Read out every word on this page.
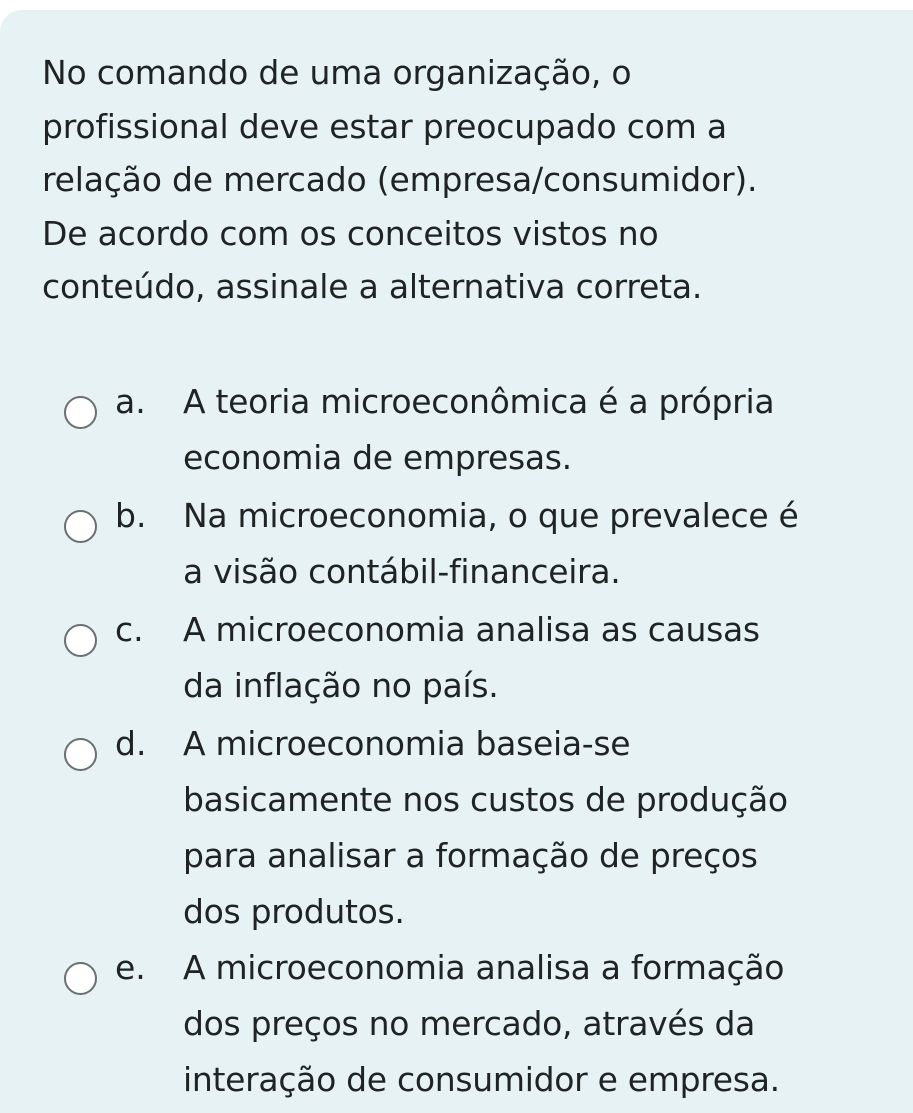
No comando de uma organização, o
profissional deve estar preocupado com a
relação de mercado (empresa/consumidor).
De acordo com os conceitos vistos no
conteúdo, assinale a alternativa correta.

a. A teoria microeconômica é a própria
economia de empresas.
b. Na microeconomia, o que prevalece é
a visão contábil-financeira.
c. A microeconomia analisa as causas
da inflação no país.
d. A microeconomia baseia-se
basicamente nos custos de produção
para analisar a formação de preços
dos produtos.
e. A microeconomia analisa a formação
dos preços no mercado, através da
interação de consumidor e empresa.
